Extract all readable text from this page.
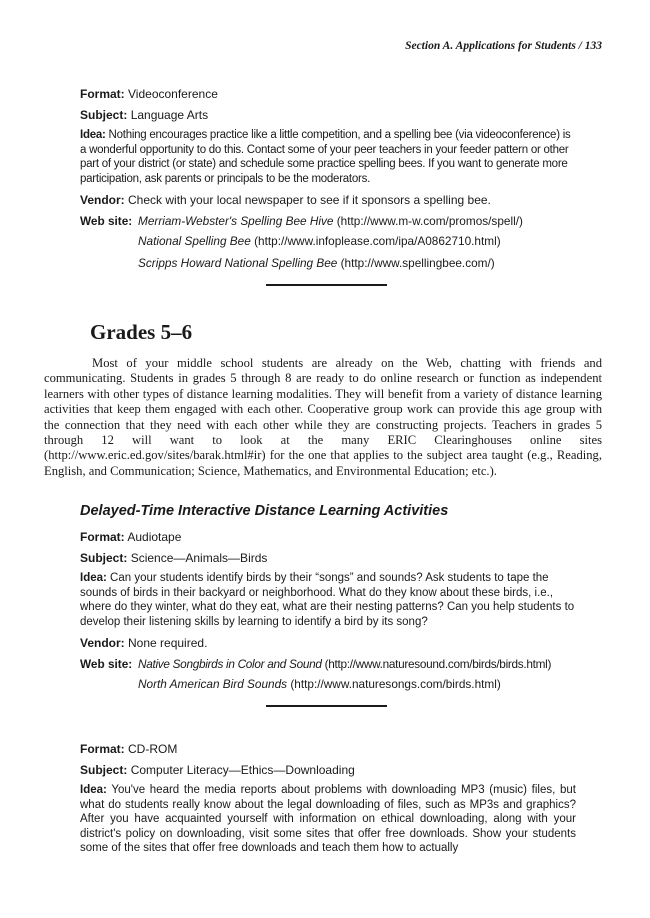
Section A. Applications for Students / 133
Format: Videoconference
Subject: Language Arts
Idea: Nothing encourages practice like a little competition, and a spelling bee (via videoconference) is a wonderful opportunity to do this. Contact some of your peer teachers in your feeder pattern or other part of your district (or state) and schedule some practice spelling bees. If you want to generate more participation, ask parents or principals to be the moderators.
Vendor: Check with your local newspaper to see if it sponsors a spelling bee.
Web site: Merriam-Webster's Spelling Bee Hive (http://www.m-w.com/promos/spell/)
National Spelling Bee (http://www.infoplease.com/ipa/A0862710.html)
Scripps Howard National Spelling Bee (http://www.spellingbee.com/)
Grades 5–6

Most of your middle school students are already on the Web, chatting with friends and communicating. Students in grades 5 through 8 are ready to do online research or function as independent learners with other types of distance learning modalities. They will benefit from a variety of distance learning activities that keep them engaged with each other. Cooperative group work can provide this age group with the connection that they need with each other while they are constructing projects. Teachers in grades 5 through 12 will want to look at the many ERIC Clearinghouses online sites (http://www.eric.ed.gov/sites/barak.html#ir) for the one that applies to the subject area taught (e.g., Reading, English, and Communication; Science, Mathematics, and Environmental Education; etc.).

Delayed-Time Interactive Distance Learning Activities
Format: Audiotape
Subject: Science—Animals—Birds
Idea: Can your students identify birds by their “songs” and sounds? Ask students to tape the sounds of birds in their backyard or neighborhood. What do they know about these birds, i.e., where do they winter, what do they eat, what are their nesting patterns? Can you help students to develop their listening skills by learning to identify a bird by its song?
Vendor: None required.
Web site: Native Songbirds in Color and Sound (http://www.naturesound.com/birds/birds.html)
North American Bird Sounds (http://www.naturesongs.com/birds.html)
Format: CD-ROM
Subject: Computer Literacy—Ethics—Downloading
Idea: You've heard the media reports about problems with downloading MP3 (music) files, but what do students really know about the legal downloading of files, such as MP3s and graphics? After you have acquainted yourself with information on ethical downloading, along with your district's policy on downloading, visit some sites that offer free downloads. Show your students some of the sites that offer free downloads and teach them how to actually
